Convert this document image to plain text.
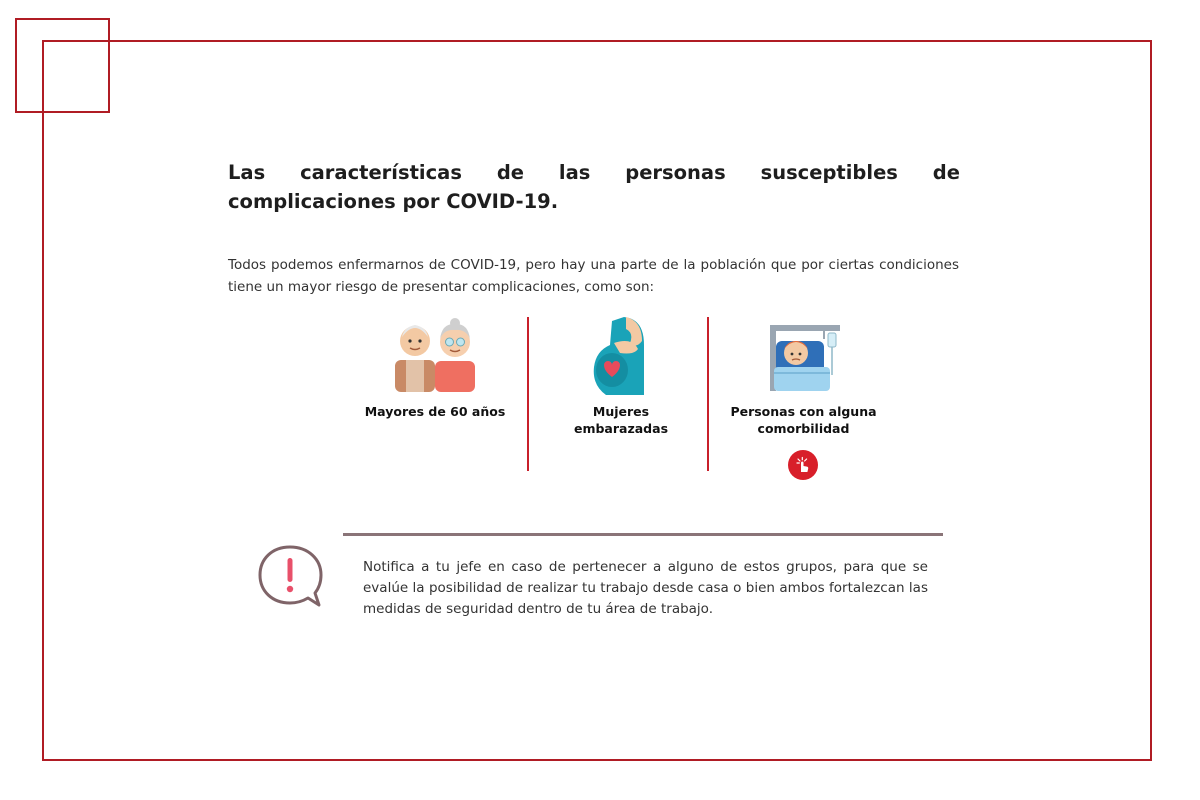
Las características de las personas susceptibles de complicaciones por COVID-19.

Todos podemos enfermarnos de COVID-19, pero hay una parte de la población que por ciertas condiciones tiene un mayor riesgo de presentar complicaciones, como son:

Mayores de 60 años	Mujeres embarazadas
Personas con alguna comorbilidad
Notifica a tu jefe en caso de pertenecer a alguno de estos grupos, para que se evalúe la posibilidad de realizar tu trabajo desde casa o bien ambos fortalezcan las medidas de seguridad dentro de tu área de trabajo.
